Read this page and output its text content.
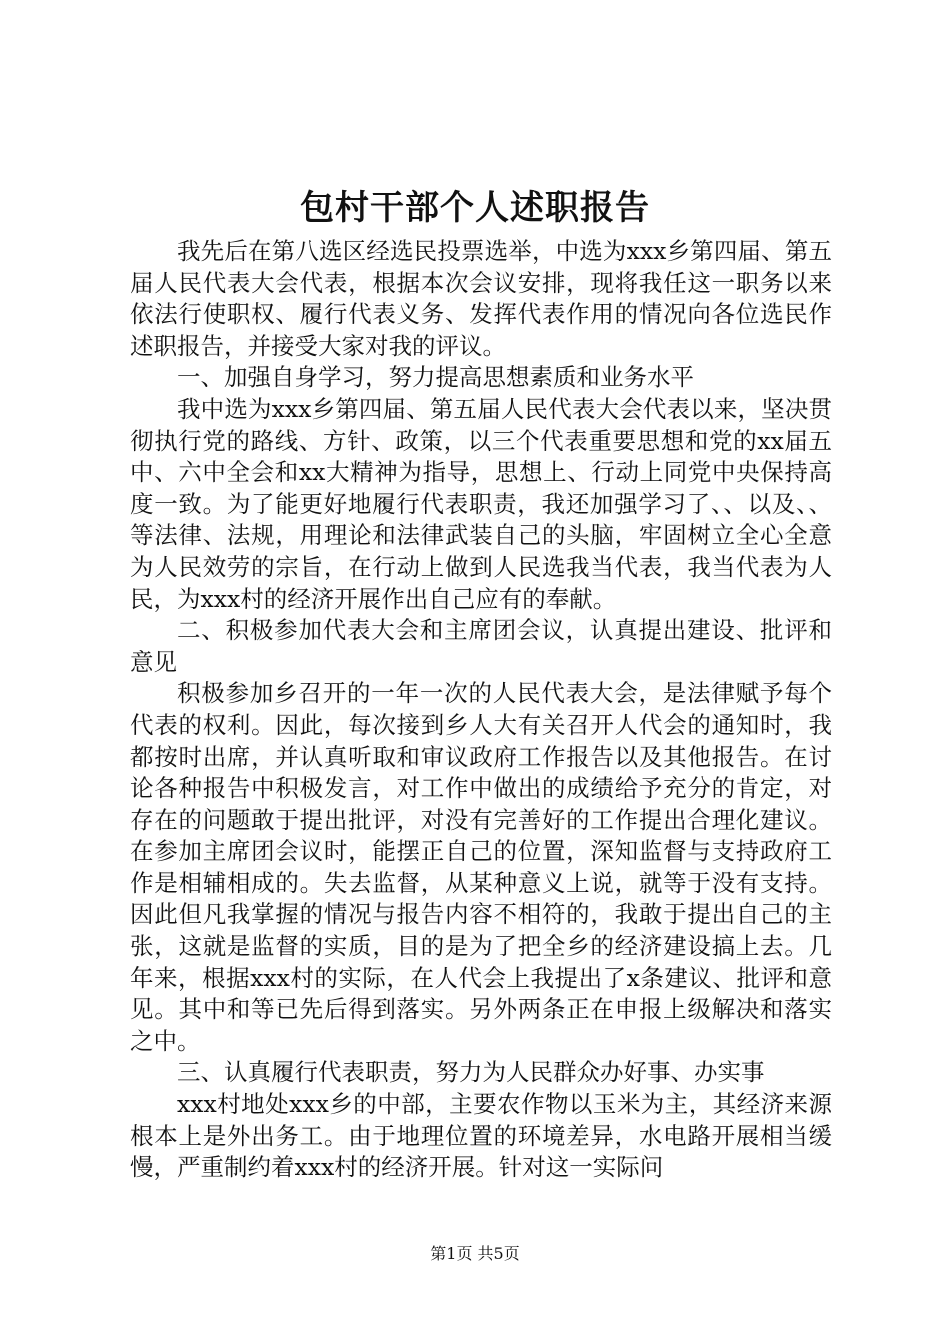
包村干部个人述职报告

我先后在第八选区经选民投票选举，中选为xxx乡第四届、第五届人民代表大会代表，根据本次会议安排，现将我任这一职务以来依法行使职权、履行代表义务、发挥代表作用的情况向各位选民作述职报告，并接受大家对我的评议。

一、加强自身学习，努力提高思想素质和业务水平

我中选为xxx乡第四届、第五届人民代表大会代表以来，坚决贯彻执行党的路线、方针、政策，以三个代表重要思想和党的xx届五中、六中全会和xx大精神为指导，思想上、行动上同党中央保持高度一致。为了能更好地履行代表职责，我还加强学习了、、以及、、等法律、法规，用理论和法律武装自己的头脑，牢固树立全心全意为人民效劳的宗旨，在行动上做到人民选我当代表，我当代表为人民，为xxx村的经济开展作出自己应有的奉献。

二、积极参加代表大会和主席团会议，认真提出建设、批评和意见

积极参加乡召开的一年一次的人民代表大会，是法律赋予每个代表的权利。因此，每次接到乡人大有关召开人代会的通知时，我都按时出席，并认真听取和审议政府工作报告以及其他报告。在讨论各种报告中积极发言，对工作中做出的成绩给予充分的肯定，对存在的问题敢于提出批评，对没有完善好的工作提出合理化建议。在参加主席团会议时，能摆正自己的位置，深知监督与支持政府工作是相辅相成的。失去监督，从某种意义上说，就等于没有支持。因此但凡我掌握的情况与报告内容不相符的，我敢于提出自己的主张，这就是监督的实质，目的是为了把全乡的经济建设搞上去。几年来，根据xxx村的实际，在人代会上我提出了x条建议、批评和意见。其中和等已先后得到落实。另外两条正在申报上级解决和落实之中。

三、认真履行代表职责，努力为人民群众办好事、办实事

xxx村地处xxx乡的中部，主要农作物以玉米为主，其经济来源根本上是外出务工。由于地理位置的环境差异，水电路开展相当缓慢，严重制约着xxx村的经济开展。针对这一实际问

第1页 共5页
